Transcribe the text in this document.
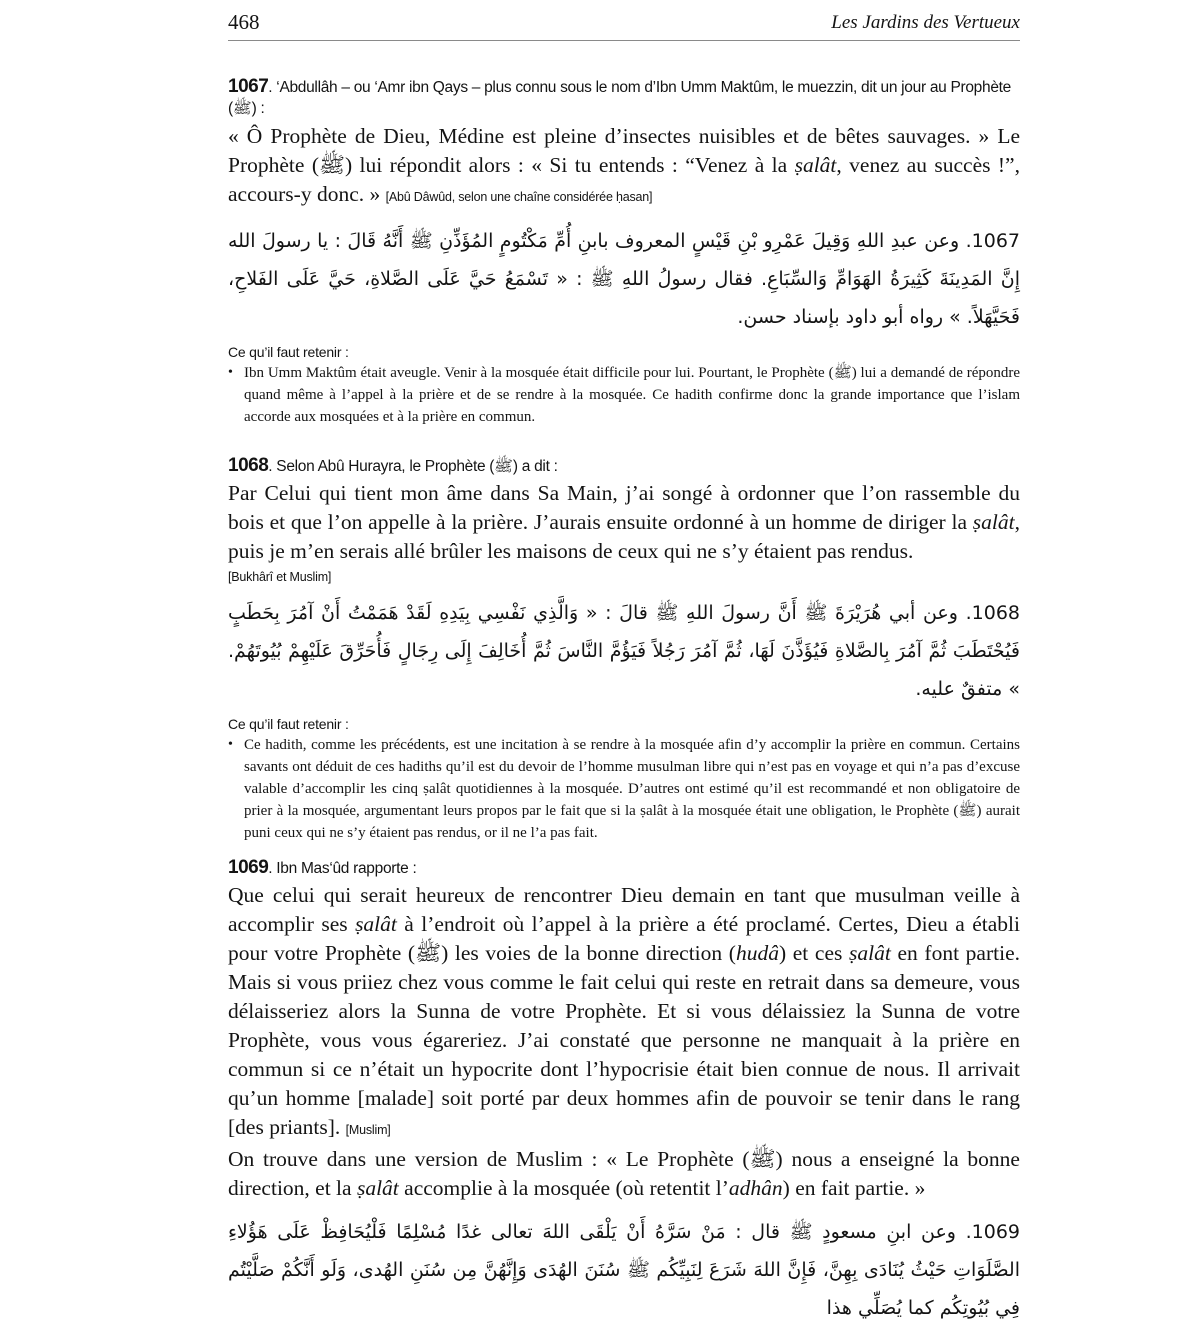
468	Les Jardins des Vertueux
1067. ‘Abdullâh – ou ‘Amr ibn Qays – plus connu sous le nom d’Ibn Umm Maktûm, le muezzin, dit un jour au Prophète (ﷺ) :
« Ô Prophète de Dieu, Médine est pleine d’insectes nuisibles et de bêtes sauvages. » Le Prophète (ﷺ) lui répondit alors : « Si tu entends : “Venez à la ṣalât, venez au succès !”, accours-y donc. » [Abû Dâwûd, selon une chaîne considérée ḥasan]
1067. وعن عبدِ اللهِ وَقِيلَ عَمْرِو بْنِ قَيْسٍ المعروف بابنِ أُمِّ مَكْتُومٍ المُؤَذِّنِ ﷺ أَنَّهُ قَالَ : يا رسولَ الله إِنَّ المَدِينَةَ كَثِيرَةُ الهَوَامِّ وَالسِّبَاعِ. فقال رسولُ اللهِ ﷺ : « تَسْمَعُ حَيَّ عَلَى الصَّلاةِ، حَيَّ عَلَى الفَلاحِ، فَحَيَّهَلاً. » رواه أبو داود بإسناد حسن.
Ce qu’il faut retenir :
• Ibn Umm Maktûm était aveugle. Venir à la mosquée était difficile pour lui. Pourtant, le Prophète (ﷺ) lui a demandé de répondre quand même à l’appel à la prière et de se rendre à la mosquée. Ce hadith confirme donc la grande importance que l’islam accorde aux mosquées et à la prière en commun.
1068. Selon Abû Hurayra, le Prophète (ﷺ) a dit :
Par Celui qui tient mon âme dans Sa Main, j’ai songé à ordonner que l’on rassemble du bois et que l’on appelle à la prière. J’aurais ensuite ordonné à un homme de diriger la ṣalât, puis je m’en serais allé brûler les maisons de ceux qui ne s’y étaient pas rendus.
[Bukhârî et Muslim]
1068. وعن أبي هُرَيْرَةَ ﷺ أَنَّ رسولَ اللهِ ﷺ قالَ : « وَالَّذِي نَفْسِي بِيَدِهِ لَقَدْ هَمَمْتُ أَنْ آمُرَ بِحَطَبٍ فَيُحْتَطَبَ ثُمَّ آمُرَ بِالصَّلاةِ فَيُؤَذَّنَ لَهَا، ثُمَّ آمُرَ رَجُلاً فَيَؤُمَّ النَّاسَ ثُمَّ أُخَالِفَ إِلَى رِجَالٍ فَأُحَرِّقَ عَلَيْهِمْ بُيُوتَهُمْ. » متفقٌ عليه.
Ce qu’il faut retenir :
• Ce hadith, comme les précédents, est une incitation à se rendre à la mosquée afin d’y accomplir la prière en commun. Certains savants ont déduit de ces hadiths qu’il est du devoir de l’homme musulman libre qui n’est pas en voyage et qui n’a pas d’excuse valable d’accomplir les cinq ṣalât quotidiennes à la mosquée. D’autres ont estimé qu’il est recommandé et non obligatoire de prier à la mosquée, argumentant leurs propos par le fait que si la ṣalât à la mosquée était une obligation, le Prophète (ﷺ) aurait puni ceux qui ne s’y étaient pas rendus, or il ne l’a pas fait.
1069. Ibn Mas‘ûd rapporte :
Que celui qui serait heureux de rencontrer Dieu demain en tant que musulman veille à accomplir ses ṣalât à l’endroit où l’appel à la prière a été proclamé. Certes, Dieu a établi pour votre Prophète (ﷺ) les voies de la bonne direction (hudâ) et ces ṣalât en font partie. Mais si vous priiez chez vous comme le fait celui qui reste en retrait dans sa demeure, vous délaisseriez alors la Sunna de votre Prophète. Et si vous délaissiez la Sunna de votre Prophète, vous vous égareriez. J’ai constaté que personne ne manquait à la prière en commun si ce n’était un hypocrite dont l’hypocrisie était bien connue de nous. Il arrivait qu’un homme [malade] soit porté par deux hommes afin de pouvoir se tenir dans le rang [des priants]. [Muslim]
On trouve dans une version de Muslim : « Le Prophète (ﷺ) nous a enseigné la bonne direction, et la ṣalât accomplie à la mosquée (où retentit l’adhân) en fait partie. »
1069. وعن ابنِ مسعودٍ ﷺ قال : مَنْ سَرَّهُ أَنْ يَلْقَى اللهَ تعالى غدًا مُسْلِمًا فَلْيُحَافِظْ عَلَى هَؤُلاءِ الصَّلَوَاتِ حَيْثُ يُنَادَى بِهِنَّ، فَإِنَّ اللهَ شَرَعَ لِنَبِيِّكُم ﷺ سُنَنَ الهُدَى وَإِنَّهُنَّ مِن سُنَنِ الهُدى، وَلَو أَنَّكُمْ صَلَّيْتُم فِي بُيُوتِكُم كما يُصَلِّي هذا
